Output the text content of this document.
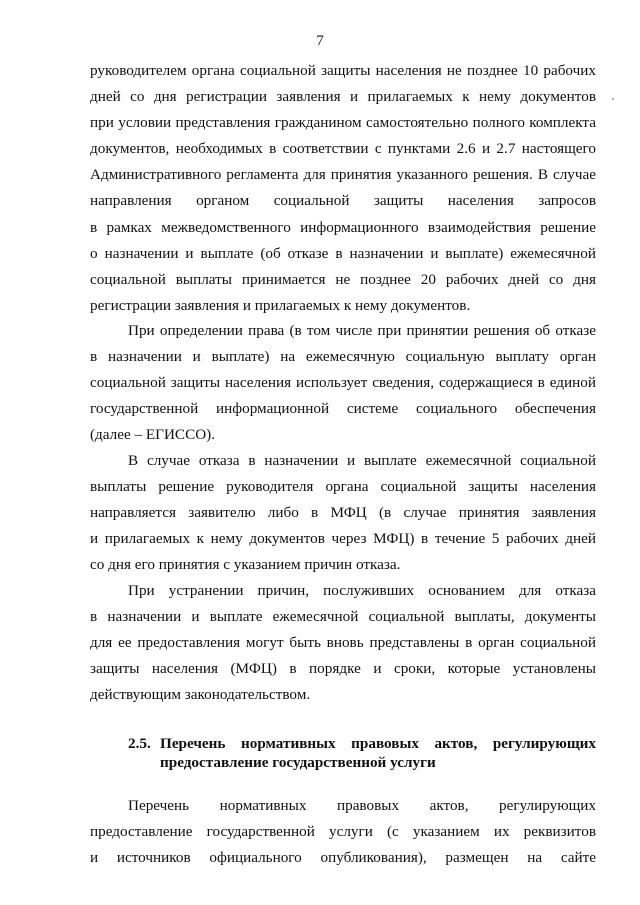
7
руководителем органа социальной защиты населения не позднее 10 рабочих
дней со дня регистрации заявления и прилагаемых к нему документов
при условии представления гражданином самостоятельно полного комплекта
документов, необходимых в соответствии с пунктами 2.6 и 2.7 настоящего
Административного регламента для принятия указанного решения. В случае
направления органом социальной защиты населения запросов
в рамках межведомственного информационного взаимодействия решение
о назначении и выплате (об отказе в назначении и выплате) ежемесячной
социальной выплаты принимается не позднее 20 рабочих дней со дня
регистрации заявления и прилагаемых к нему документов.
При определении права (в том числе при принятии решения об отказе
в назначении и выплате) на ежемесячную социальную выплату орган
социальной защиты населения использует сведения, содержащиеся в единой
государственной информационной системе социального обеспечения
(далее – ЕГИССО).
В случае отказа в назначении и выплате ежемесячной социальной
выплаты решение руководителя органа социальной защиты населения
направляется заявителю либо в МФЦ (в случае принятия заявления
и прилагаемых к нему документов через МФЦ) в течение 5 рабочих дней
со дня его принятия с указанием причин отказа.
При устранении причин, послуживших основанием для отказа
в назначении и выплате ежемесячной социальной выплаты, документы
для ее предоставления могут быть вновь представлены в орган социальной
защиты населения (МФЦ) в порядке и сроки, которые установлены
действующим законодательством.
2.5. Перечень нормативных правовых актов, регулирующих
предоставление государственной услуги
Перечень нормативных правовых актов, регулирующих
предоставление государственной услуги (с указанием их реквизитов
и источников официального опубликования), размещен на сайте
